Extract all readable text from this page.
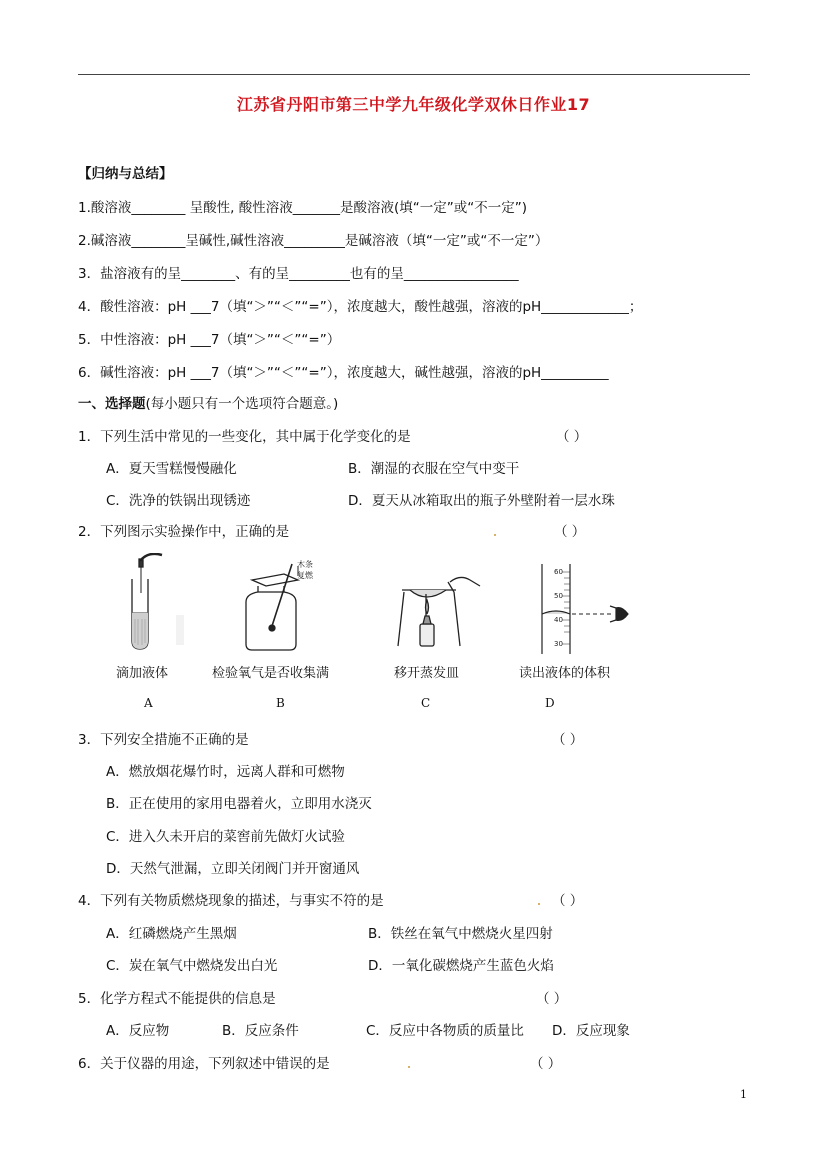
江苏省丹阳市第三中学九年级化学双休日作业17
【归纳与总结】
1.酸溶液________ 呈酸性, 酸性溶液_______是酸溶液(填“一定”或“不一定”)
2.碱溶液________呈碱性,碱性溶液_________是碱溶液（填“一定”或“不一定”）
3．盐溶液有的呈________、有的呈_________也有的呈_________________
4．酸性溶液：pH ___7（填“＞”“＜”“=”），浓度越大，酸性越强，溶液的pH_____________；
5．中性溶液：pH ___7（填“＞”“＜”“=”）
6．碱性溶液：pH ___7（填“＞”“＜”“=”），浓度越大，碱性越强，溶液的pH__________
一、选择题(每小题只有一个选项符合题意。)
1．下列生活中常见的一些变化，其中属于化学变化的是	（ ）
A．夏天雪糕慢慢融化	B．潮湿的衣服在空气中变干
C．洗净的铁锅出现锈迹	D．夏天从冰箱取出的瓶子外壁附着一层水珠
2．下列图示实验操作中，正确的是	（ ）
木条
复燃	60
50
40
30
滴加液体	检验氧气是否收集满	移开蒸发皿	读出液体的体积
A	B	C	D
3．下列安全措施不正确的是	（ ）
A．燃放烟花爆竹时，远离人群和可燃物
B．正在使用的家用电器着火，立即用水浇灭
C．进入久未开启的菜窖前先做灯火试验
D．天然气泄漏，立即关闭阀门并开窗通风
4．下列有关物质燃烧现象的描述，与事实不符的是	（ ）
A．红磷燃烧产生黑烟	B．铁丝在氧气中燃烧火星四射
C．炭在氧气中燃烧发出白光	D．一氧化碳燃烧产生蓝色火焰
5．化学方程式不能提供的信息是	（ ）
A．反应物	B．反应条件	C．反应中各物质的质量比 D．反应现象
6．关于仪器的用途，下列叙述中错误的是	（ ）
1
